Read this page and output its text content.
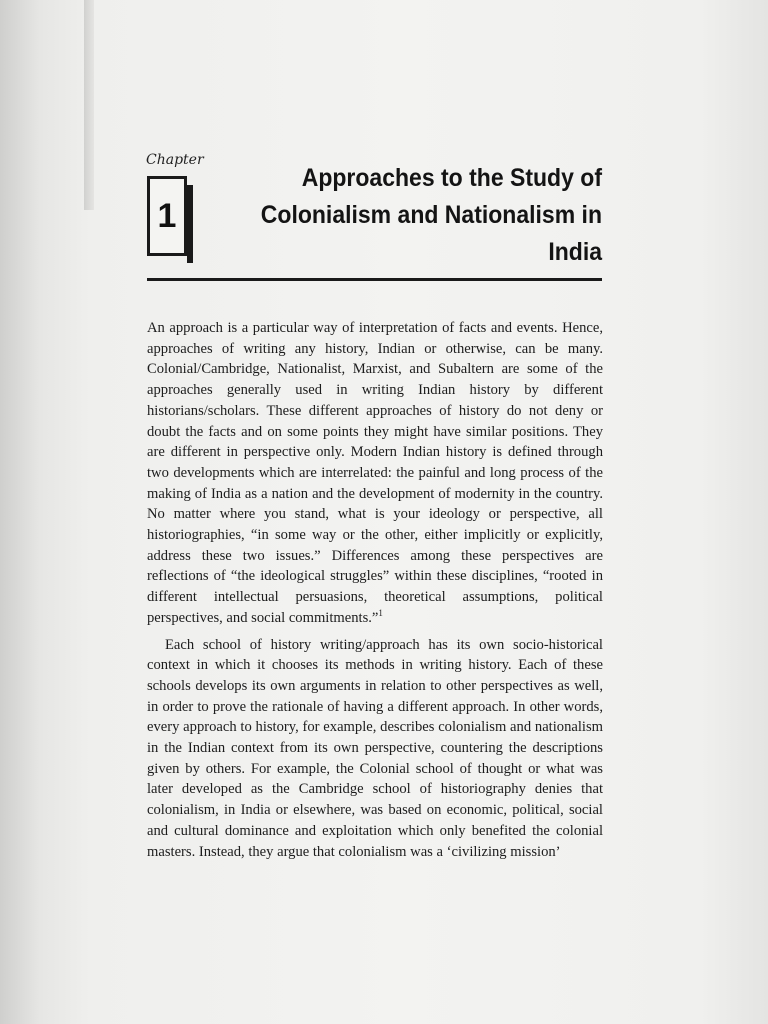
Chapter
1
Approaches to the Study of Colonialism and Nationalism in India

An approach is a particular way of interpretation of facts and events. Hence, approaches of writing any history, Indian or otherwise, can be many. Colonial/Cambridge, Nationalist, Marxist, and Subaltern are some of the approaches generally used in writing Indian history by different historians/scholars. These different approaches of history do not deny or doubt the facts and on some points they might have similar positions. They are different in perspective only. Modern Indian history is defined through two developments which are interrelated: the painful and long process of the making of India as a nation and the development of modernity in the country. No matter where you stand, what is your ideology or perspective, all historiographies, “in some way or the other, either implicitly or explicitly, address these two issues.” Differences among these perspectives are reflections of “the ideological struggles” within these disciplines, “rooted in different intellectual persuasions, theoretical assumptions, political perspectives, and social commitments.”$^1$

Each school of history writing/approach has its own socio-historical context in which it chooses its methods in writing history. Each of these schools develops its own arguments in relation to other perspectives as well, in order to prove the rationale of having a different approach. In other words, every approach to history, for example, describes colonialism and nationalism in the Indian context from its own perspective, countering the descriptions given by others. For example, the Colonial school of thought or what was later developed as the Cambridge school of historiography denies that colonialism, in India or elsewhere, was based on economic, political, social and cultural dominance and exploitation which only benefited the colonial masters. Instead, they argue that colonialism was a ‘civilizing mission’
